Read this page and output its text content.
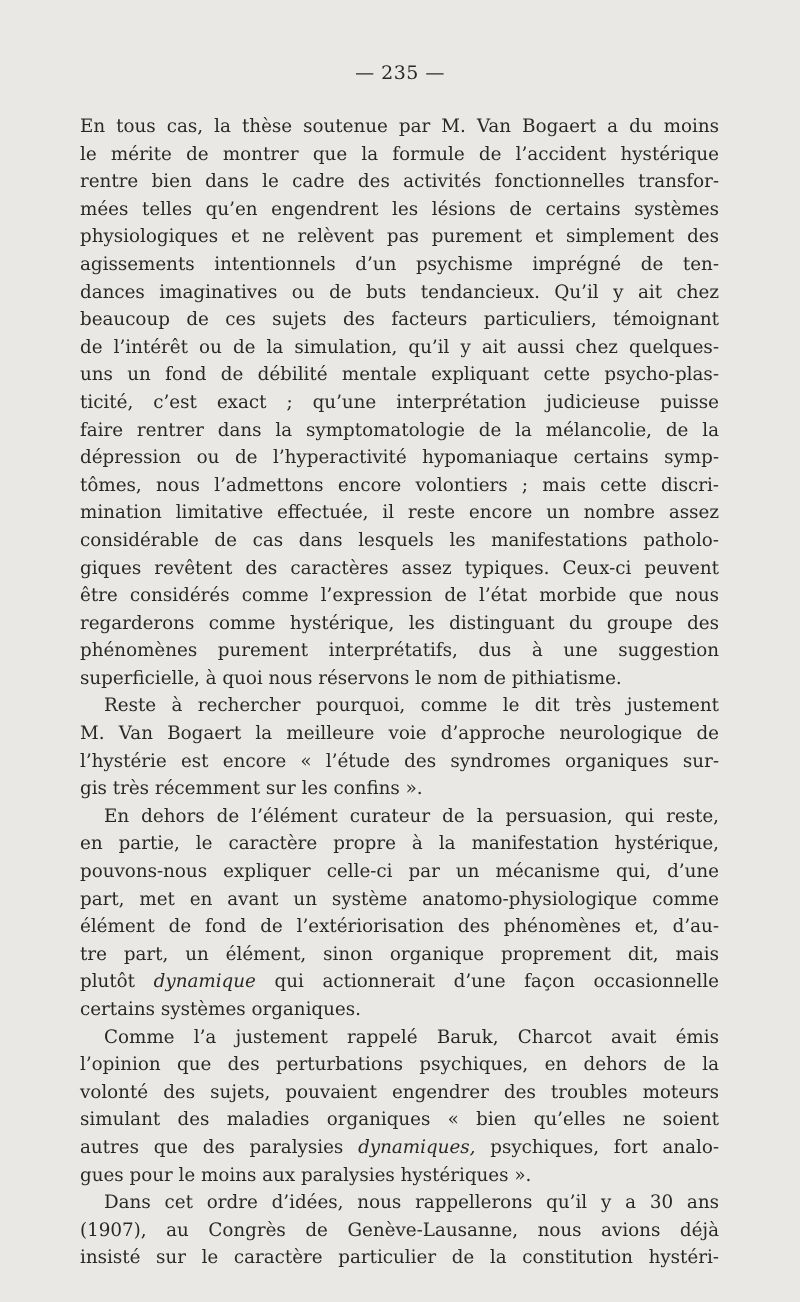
— 235 —
En tous cas, la thèse soutenue par M. Van Bogaert a du moins
le mérite de montrer que la formule de l’accident hystérique
rentre bien dans le cadre des activités fonctionnelles transfor-
mées telles qu’en engendrent les lésions de certains systèmes
physiologiques et ne relèvent pas purement et simplement des
agissements intentionnels d’un psychisme imprégné de ten-
dances imaginatives ou de buts tendancieux. Qu’il y ait chez
beaucoup de ces sujets des facteurs particuliers, témoignant
de l’intérêt ou de la simulation, qu’il y ait aussi chez quelques-
uns un fond de débilité mentale expliquant cette psycho-plas-
ticité, c’est exact ; qu’une interprétation judicieuse puisse
faire rentrer dans la symptomatologie de la mélancolie, de la
dépression ou de l’hyperactivité hypomaniaque certains symp-
tômes, nous l’admettons encore volontiers ; mais cette discri-
mination limitative effectuée, il reste encore un nombre assez
considérable de cas dans lesquels les manifestations patholo-
giques revêtent des caractères assez typiques. Ceux-ci peuvent
être considérés comme l’expression de l’état morbide que nous
regarderons comme hystérique, les distinguant du groupe des
phénomènes purement interprétatifs, dus à une suggestion
superficielle, à quoi nous réservons le nom de pithiatisme.
Reste à rechercher pourquoi, comme le dit très justement
M. Van Bogaert la meilleure voie d’approche neurologique de
l’hystérie est encore « l’étude des syndromes organiques sur-
gis très récemment sur les confins ».
En dehors de l’élément curateur de la persuasion, qui reste,
en partie, le caractère propre à la manifestation hystérique,
pouvons-nous expliquer celle-ci par un mécanisme qui, d’une
part, met en avant un système anatomo-physiologique comme
élément de fond de l’extériorisation des phénomènes et, d’au-
tre part, un élément, sinon organique proprement dit, mais
plutôt dynamique qui actionnerait d’une façon occasionnelle
certains systèmes organiques.
Comme l’a justement rappelé Baruk, Charcot avait émis
l’opinion que des perturbations psychiques, en dehors de la
volonté des sujets, pouvaient engendrer des troubles moteurs
simulant des maladies organiques « bien qu’elles ne soient
autres que des paralysies dynamiques, psychiques, fort analo-
gues pour le moins aux paralysies hystériques ».
Dans cet ordre d’idées, nous rappellerons qu’il y a 30 ans
(1907), au Congrès de Genève-Lausanne, nous avions déjà
insisté sur le caractère particulier de la constitution hystéri-
